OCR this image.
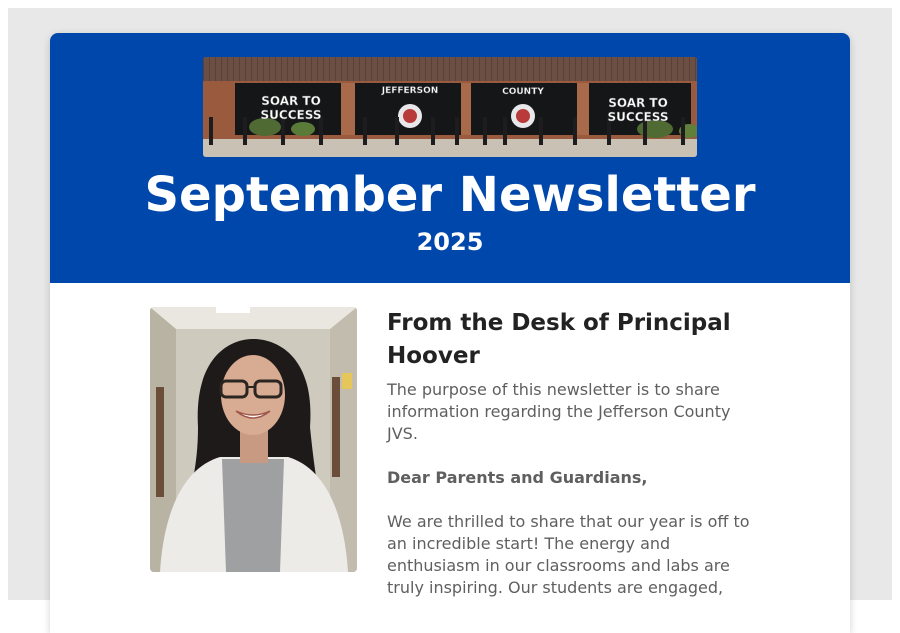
SOAR TO
SUCCESS
JEFFERSON	COUNTY
SOAR TO
SUCCESS
September Newsletter
2025
From the Desk of Principal Hoover

The purpose of this newsletter is to share information regarding the Jefferson County JVS.

Dear Parents and Guardians,

We are thrilled to share that our year is off to an incredible start! The energy and enthusiasm in our classrooms and labs are truly inspiring. Our students are engaged,
